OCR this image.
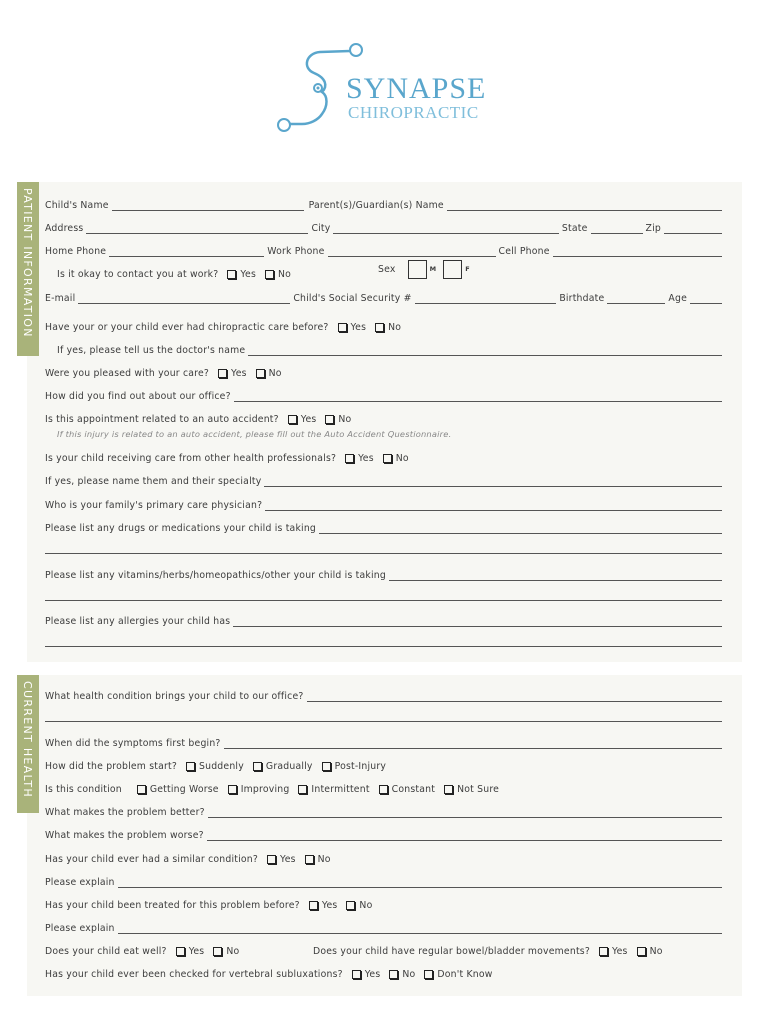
SYNAPSE
CHIROPRACTIC
PATIENT INFORMATION Child's Name	Parent(s)/Guardian(s) Name
Address	City	State	Zip
Home Phone	Work Phone	Cell Phone
Is it okay to contact you at work?	Yes No	Sex	M	F
E-mail	Child's Social Security #	Birthdate	Age
Have your or your child ever had chiropractic care before?	Yes No
If yes, please tell us the doctor's name
Were you pleased with your care?	Yes No
How did you find out about our office?
Is this appointment related to an auto accident?	Yes No
If this injury is related to an auto accident, please fill out the Auto Accident Questionnaire.
Is your child receiving care from other health professionals?	Yes No
If yes, please name them and their specialty
Who is your family's primary care physician?
Please list any drugs or medications your child is taking
Please list any vitamins/herbs/homeopathics/other your child is taking
Please list any allergies your child has
CURRENT HEALTH What health condition brings your child to our office?
When did the symptoms first begin?
How did the problem start?	Suddenly Gradually Post-Injury
Is this condition	Getting Worse Improving Intermittent Constant Not Sure
What makes the problem better?
What makes the problem worse?
Has your child ever had a similar condition?	Yes No
Please explain
Has your child been treated for this problem before?	Yes No
Please explain
Does your child eat well?	Yes No	Does your child have regular bowel/bladder movements?	Yes No
Has your child ever been checked for vertebral subluxations?	Yes No Don't Know
